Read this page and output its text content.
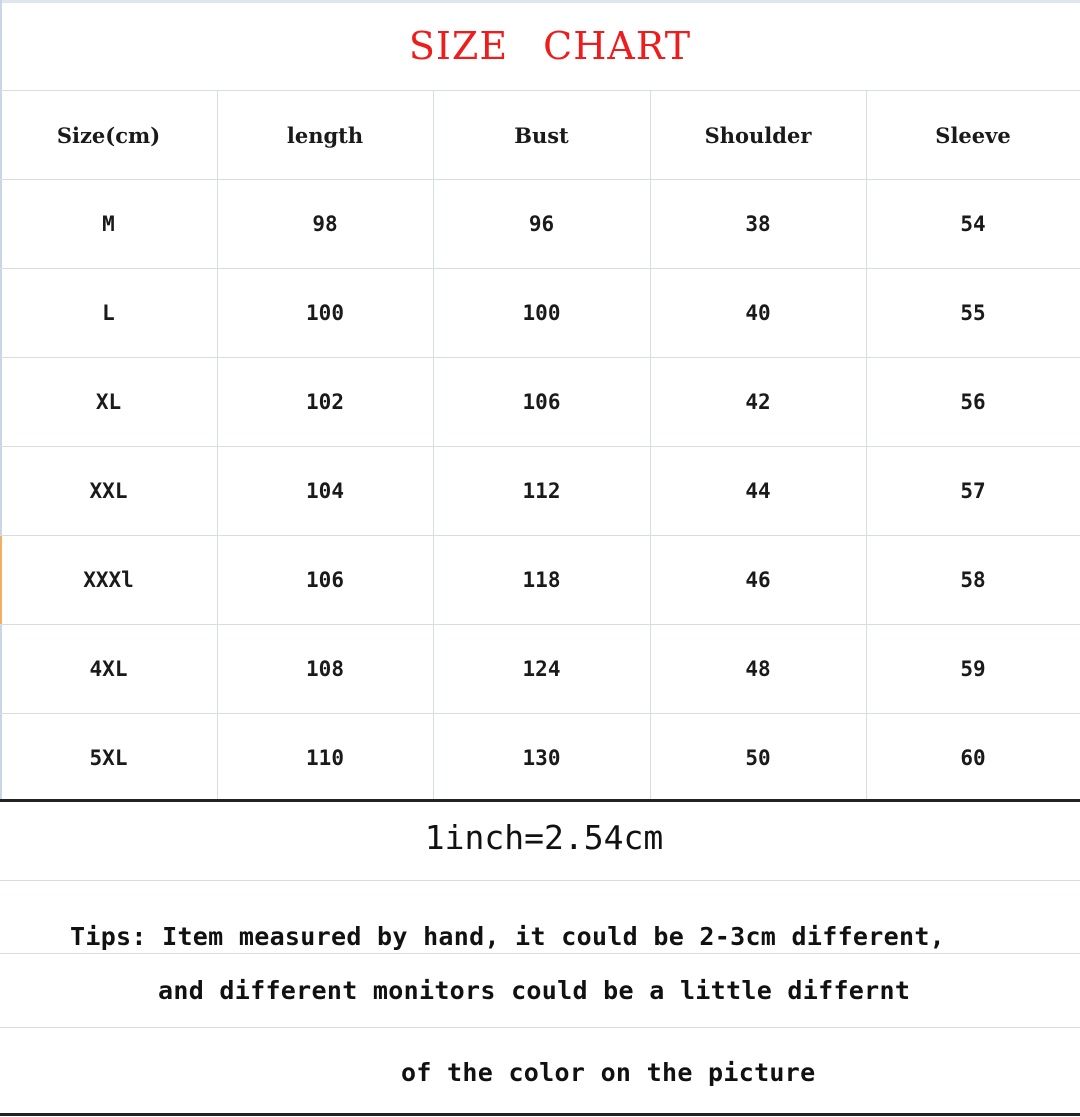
SIZE CHART
Size(cm)	length	Bust	Shoulder	Sleeve
M	98	96	38	54
L	100	100	40	55
XL	102	106	42	56
XXL	104	112	44	57
XXXl	106	118	46	58
4XL	108	124	48	59
5XL	110	130	50	60
1inch=2.54cm
Tips: Item measured by hand, it could be 2-3cm different,
and different monitors could be a little differnt
of the color on the picture
